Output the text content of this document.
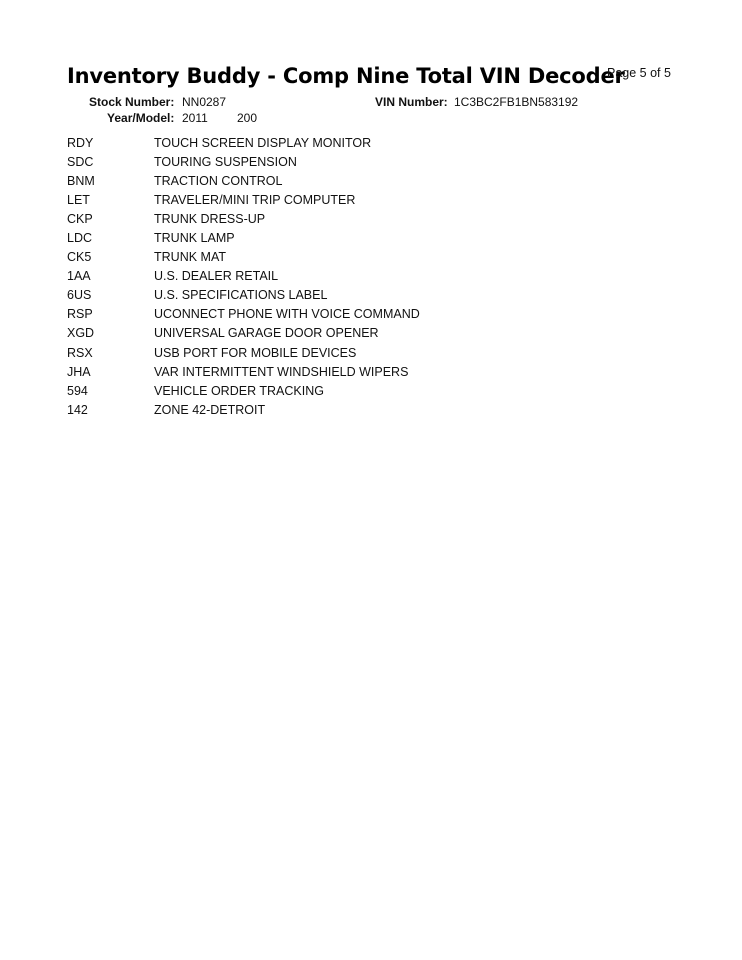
Inventory Buddy - Comp Nine Total VIN Decoder
Page 5 of 5
Stock Number: NN0287	VIN Number: 1C3BC2FB1BN583192
Year/Model: 2011 200
RDY	TOUCH SCREEN DISPLAY MONITOR
SDC	TOURING SUSPENSION
BNM	TRACTION CONTROL
LET	TRAVELER/MINI TRIP COMPUTER
CKP	TRUNK DRESS-UP
LDC	TRUNK LAMP
CK5	TRUNK MAT
1AA	U.S. DEALER RETAIL
6US	U.S. SPECIFICATIONS LABEL
RSP	UCONNECT PHONE WITH VOICE COMMAND
XGD	UNIVERSAL GARAGE DOOR OPENER
RSX	USB PORT FOR MOBILE DEVICES
JHA	VAR INTERMITTENT WINDSHIELD WIPERS
594	VEHICLE ORDER TRACKING
142	ZONE 42-DETROIT
